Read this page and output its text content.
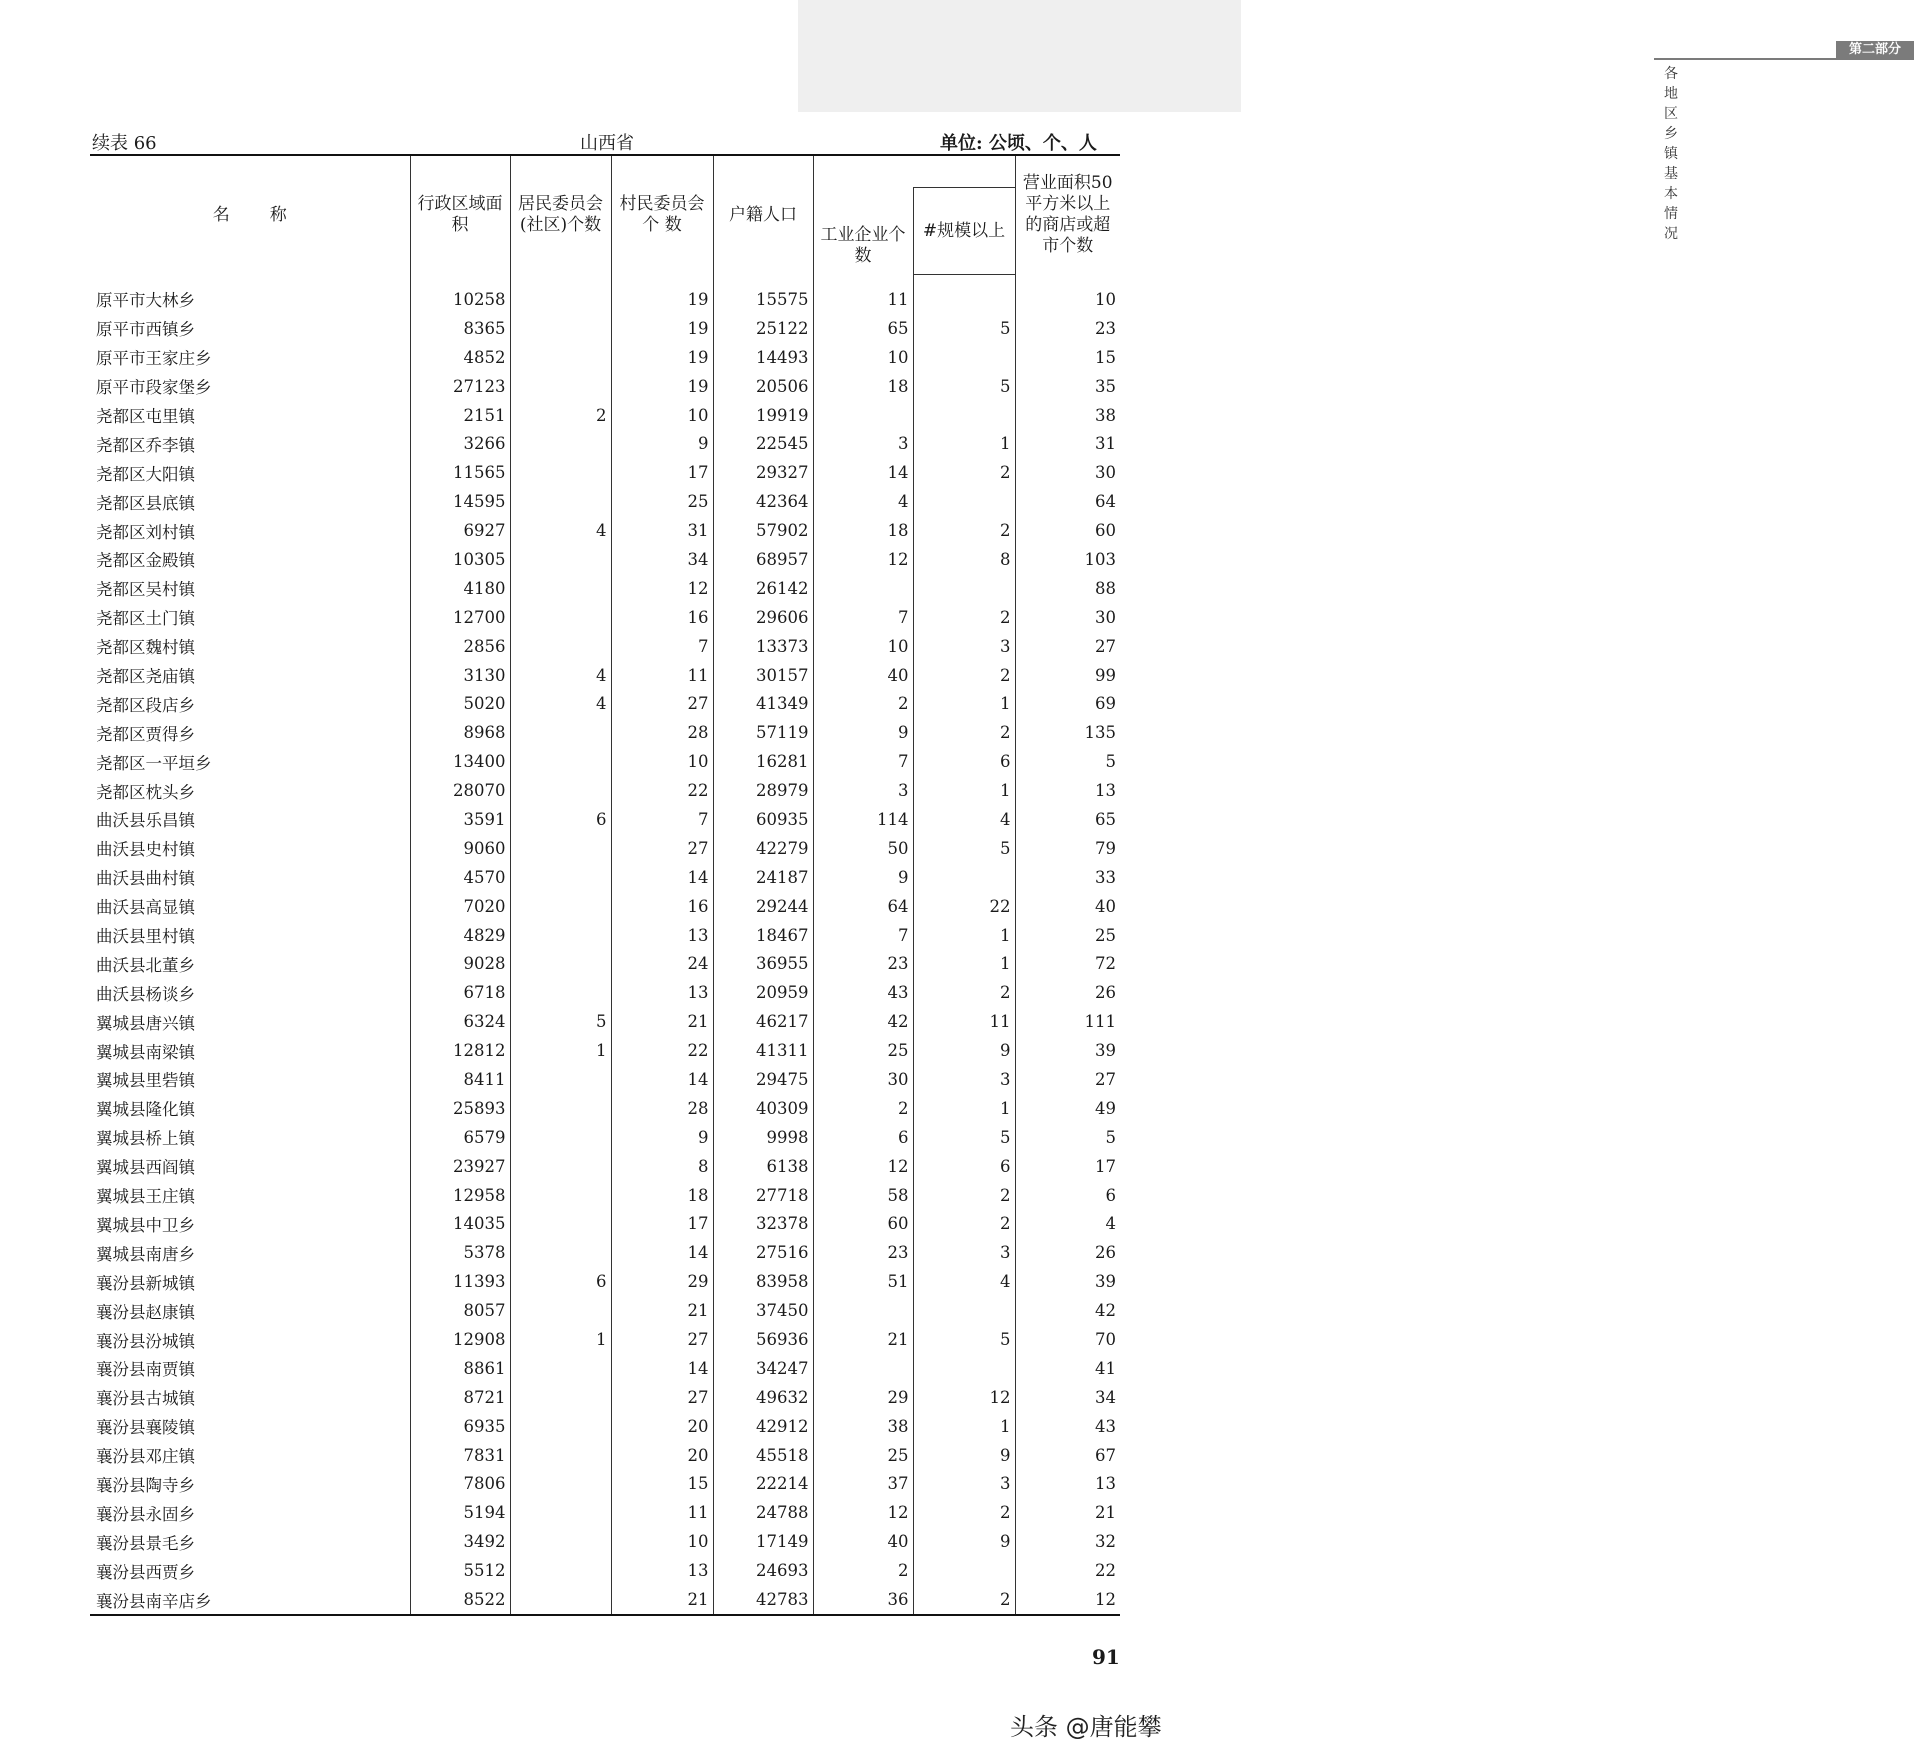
第二部分
各地区乡镇基本情况
续表 66	山西省	单位: 公顷、个、人
名称	行政区域面 积	居民委员会(社区)个数	村民委员会个 数	户籍人口	工业企业个 数		营业面积50平方米以上的商店或超市个数
						#规模以上	
原平市大林乡	10258		19	15575	11		10
原平市西镇乡	8365		19	25122	65	5	23
原平市王家庄乡	4852		19	14493	10		15
原平市段家堡乡	27123		19	20506	18	5	35
尧都区屯里镇	2151	2	10	19919			38
尧都区乔李镇	3266		9	22545	3	1	31
尧都区大阳镇	11565		17	29327	14	2	30
尧都区县底镇	14595		25	42364	4		64
尧都区刘村镇	6927	4	31	57902	18	2	60
尧都区金殿镇	10305		34	68957	12	8	103
尧都区吴村镇	4180		12	26142			88
尧都区土门镇	12700		16	29606	7	2	30
尧都区魏村镇	2856		7	13373	10	3	27
尧都区尧庙镇	3130	4	11	30157	40	2	99
尧都区段店乡	5020	4	27	41349	2	1	69
尧都区贾得乡	8968		28	57119	9	2	135
尧都区一平垣乡	13400		10	16281	7	6	5
尧都区枕头乡	28070		22	28979	3	1	13
曲沃县乐昌镇	3591	6	7	60935	114	4	65
曲沃县史村镇	9060		27	42279	50	5	79
曲沃县曲村镇	4570		14	24187	9		33
曲沃县高显镇	7020		16	29244	64	22	40
曲沃县里村镇	4829		13	18467	7	1	25
曲沃县北董乡	9028		24	36955	23	1	72
曲沃县杨谈乡	6718		13	20959	43	2	26
翼城县唐兴镇	6324	5	21	46217	42	11	111
翼城县南梁镇	12812	1	22	41311	25	9	39
翼城县里砦镇	8411		14	29475	30	3	27
翼城县隆化镇	25893		28	40309	2	1	49
翼城县桥上镇	6579		9	9998	6	5	5
翼城县西阎镇	23927		8	6138	12	6	17
翼城县王庄镇	12958		18	27718	58	2	6
翼城县中卫乡	14035		17	32378	60	2	4
翼城县南唐乡	5378		14	27516	23	3	26
襄汾县新城镇	11393	6	29	83958	51	4	39
襄汾县赵康镇	8057		21	37450			42
襄汾县汾城镇	12908	1	27	56936	21	5	70
襄汾县南贾镇	8861		14	34247			41
襄汾县古城镇	8721		27	49632	29	12	34
襄汾县襄陵镇	6935		20	42912	38	1	43
襄汾县邓庄镇	7831		20	45518	25	9	67
襄汾县陶寺乡	7806		15	22214	37	3	13
襄汾县永固乡	5194		11	24788	12	2	21
襄汾县景毛乡	3492		10	17149	40	9	32
襄汾县西贾乡	5512		13	24693	2		22
襄汾县南辛店乡	8522		21	42783	36	2	12
91
头条 @唐能攀
